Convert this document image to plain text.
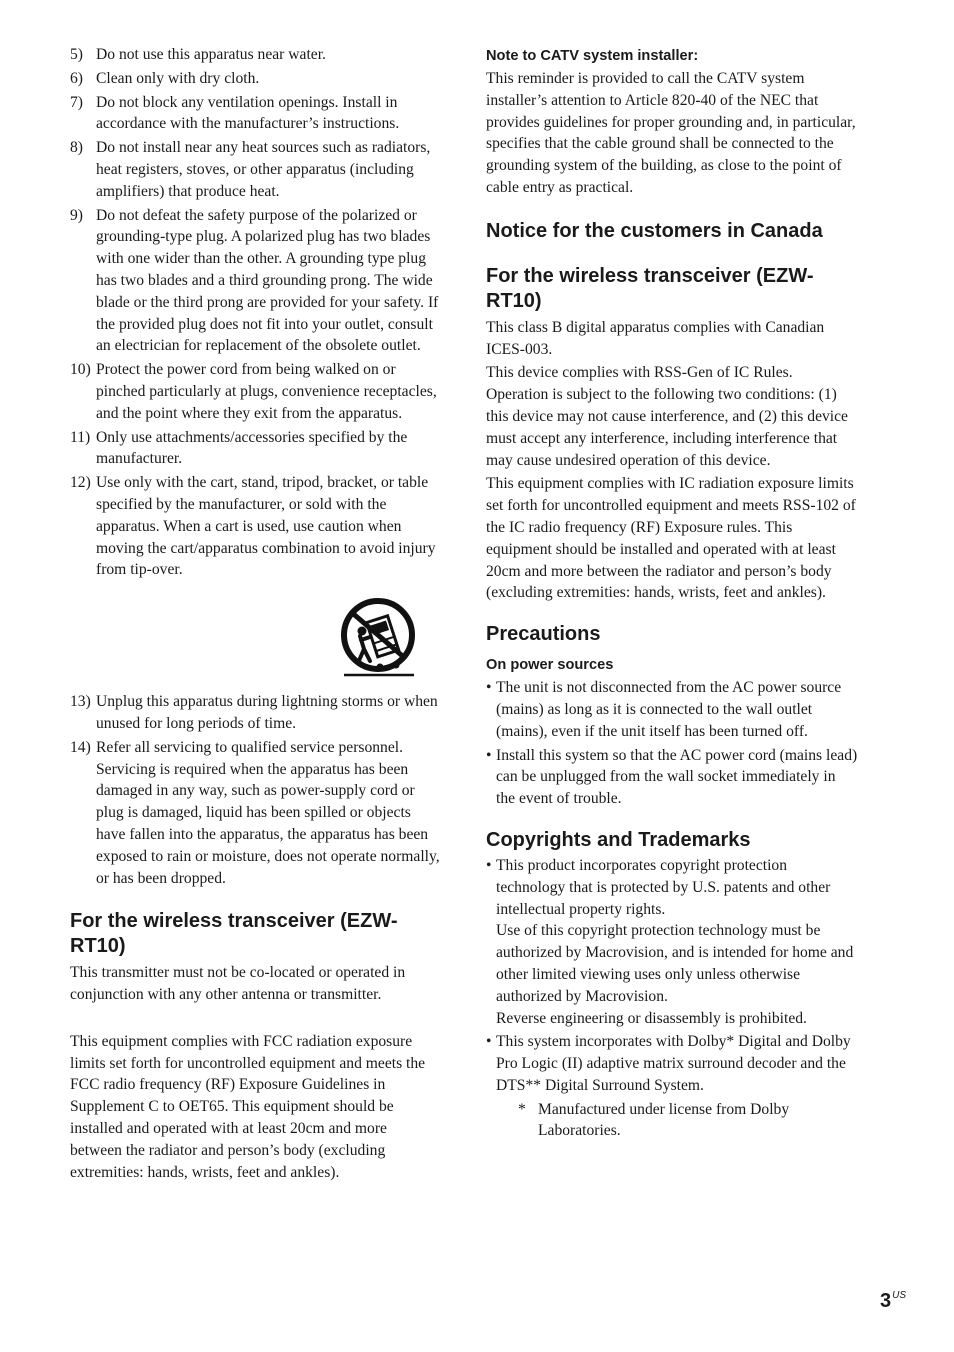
5) Do not use this apparatus near water.
6) Clean only with dry cloth.
7) Do not block any ventilation openings. Install in accordance with the manufacturer’s instructions.
8) Do not install near any heat sources such as radiators, heat registers, stoves, or other apparatus (including amplifiers) that produce heat.
9) Do not defeat the safety purpose of the polarized or grounding-type plug. A polarized plug has two blades with one wider than the other. A grounding type plug has two blades and a third grounding prong. The wide blade or the third prong are provided for your safety. If the provided plug does not fit into your outlet, consult an electrician for replacement of the obsolete outlet.
10) Protect the power cord from being walked on or pinched particularly at plugs, convenience receptacles, and the point where they exit from the apparatus.
11) Only use attachments/accessories specified by the manufacturer.
12) Use only with the cart, stand, tripod, bracket, or table specified by the manufacturer, or sold with the apparatus. When a cart is used, use caution when moving the cart/apparatus combination to avoid injury from tip-over.
13) Unplug this apparatus during lightning storms or when unused for long periods of time.
14) Refer all servicing to qualified service personnel. Servicing is required when the apparatus has been damaged in any way, such as power-supply cord or plug is damaged, liquid has been spilled or objects have fallen into the apparatus, the apparatus has been exposed to rain or moisture, does not operate normally, or has been dropped.
For the wireless transceiver (EZW-RT10)

This transmitter must not be co-located or operated in conjunction with any other antenna or transmitter.

This equipment complies with FCC radiation exposure limits set forth for uncontrolled equipment and meets the FCC radio frequency (RF) Exposure Guidelines in Supplement C to OET65. This equipment should be installed and operated with at least 20cm and more between the radiator and person’s body (excluding extremities: hands, wrists, feet and ankles).

Note to CATV system installer:

This reminder is provided to call the CATV system installer’s attention to Article 820-40 of the NEC that provides guidelines for proper grounding and, in particular, specifies that the cable ground shall be connected to the grounding system of the building, as close to the point of cable entry as practical.

Notice for the customers in Canada
For the wireless transceiver (EZW-RT10)

This class B digital apparatus complies with Canadian ICES-003.

This device complies with RSS-Gen of IC Rules. Operation is subject to the following two conditions: (1) this device may not cause interference, and (2) this device must accept any interference, including interference that may cause undesired operation of this device.

This equipment complies with IC radiation exposure limits set forth for uncontrolled equipment and meets RSS-102 of the IC radio frequency (RF) Exposure rules. This equipment should be installed and operated with at least 20cm and more between the radiator and person’s body (excluding extremities: hands, wrists, feet and ankles).

Precautions
On power sources
• The unit is not disconnected from the AC power source (mains) as long as it is connected to the wall outlet (mains), even if the unit itself has been turned off.
• Install this system so that the AC power cord (mains lead) can be unplugged from the wall socket immediately in the event of trouble.
Copyrights and Trademarks
• This product incorporates copyright protection technology that is protected by U.S. patents and other intellectual property rights.
Use of this copyright protection technology must be authorized by Macrovision, and is intended for home and other limited viewing uses only unless otherwise authorized by Macrovision.
Reverse engineering or disassembly is prohibited.
• This system incorporates with Dolby* Digital and Dolby Pro Logic (II) adaptive matrix surround decoder and the DTS** Digital Surround System.

* Manufactured under license from Dolby Laboratories.

$3^{US}$
